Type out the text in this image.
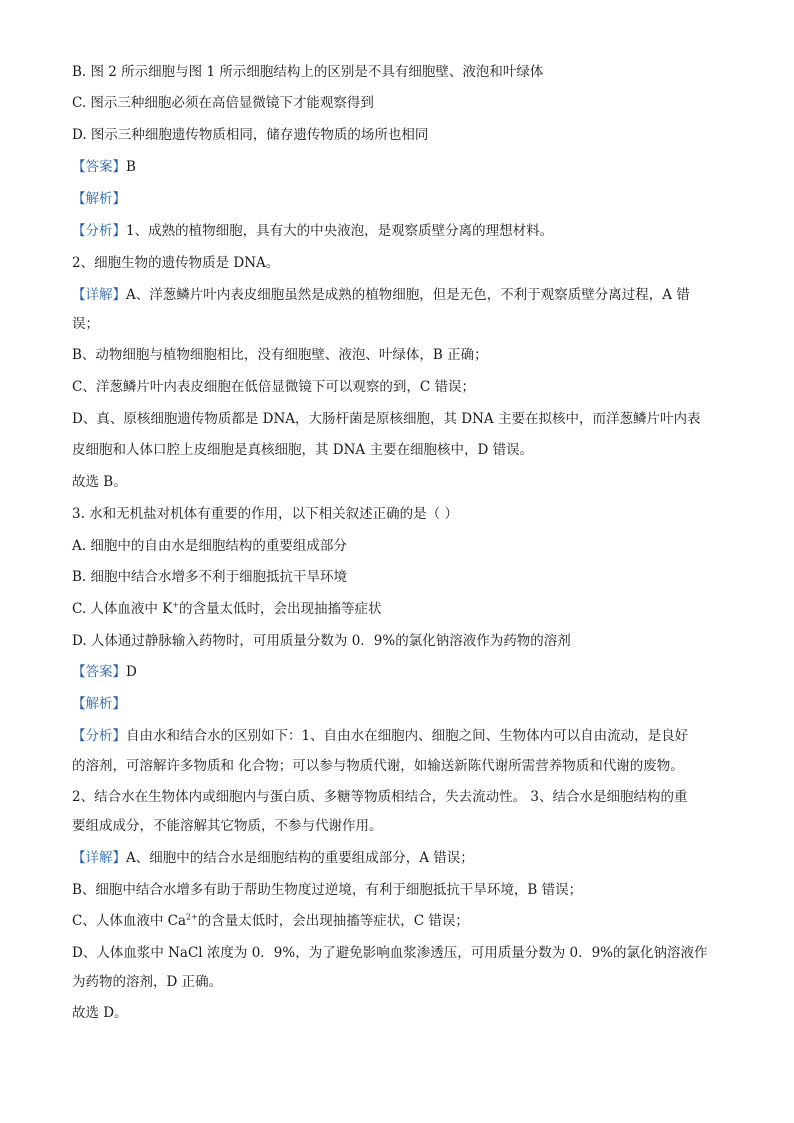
B. 图 2 所示细胞与图 1 所示细胞结构上的区别是不具有细胞壁、液泡和叶绿体
C. 图示三种细胞必须在高倍显微镜下才能观察得到
D. 图示三种细胞遗传物质相同，储存遗传物质的场所也相同
【答案】B
【解析】
【分析】1、成熟的植物细胞，具有大的中央液泡，是观察质壁分离的理想材料。
2、细胞生物的遗传物质是 DNA。
【详解】A、洋葱鳞片叶内表皮细胞虽然是成熟的植物细胞，但是无色，不利于观察质壁分离过程，A 错
误；
B、动物细胞与植物细胞相比，没有细胞壁、液泡、叶绿体，B 正确；
C、洋葱鳞片叶内表皮细胞在低倍显微镜下可以观察的到，C 错误；
D、真、原核细胞遗传物质都是 DNA，大肠杆菌是原核细胞，其 DNA 主要在拟核中，而洋葱鳞片叶内表
皮细胞和人体口腔上皮细胞是真核细胞，其 DNA 主要在细胞核中，D 错误。
故选 B。
3. 水和无机盐对机体有重要的作用，以下相关叙述正确的是（ ）
A. 细胞中的自由水是细胞结构的重要组成部分
B. 细胞中结合水增多不利于细胞抵抗干旱环境
C. 人体血液中 K+的含量太低时，会出现抽搐等症状
D. 人体通过静脉输入药物时，可用质量分数为 0．9%的氯化钠溶液作为药物的溶剂
【答案】D
【解析】
【分析】自由水和结合水的区别如下：1、自由水在细胞内、细胞之间、生物体内可以自由流动，是良好
的溶剂，可溶解许多物质和 化合物；可以参与物质代谢，如输送新陈代谢所需营养物质和代谢的废物。
2、结合水在生物体内或细胞内与蛋白质、多糖等物质相结合，失去流动性。 3、结合水是细胞结构的重
要组成成分，不能溶解其它物质，不参与代谢作用。
【详解】A、细胞中的结合水是细胞结构的重要组成部分，A 错误；
B、细胞中结合水增多有助于帮助生物度过逆境，有利于细胞抵抗干旱环境，B 错误；
C、人体血液中 $Ca^{2+}$的含量太低时，会出现抽搐等症状，C 错误；
D、人体血浆中 NaCl 浓度为 0．9%，为了避免影响血浆渗透压，可用质量分数为 0．9%的氯化钠溶液作
为药物的溶剂，D 正确。
故选 D。
